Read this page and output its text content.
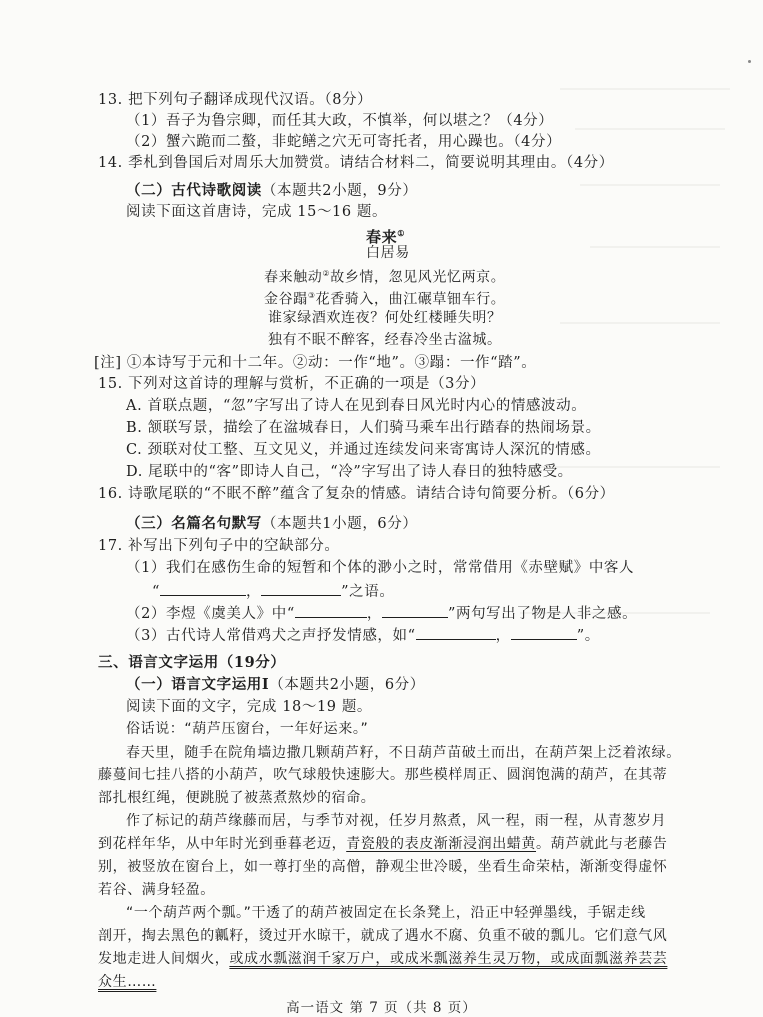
13. 把下列句子翻译成现代汉语。（8分）
（1）吾子为鲁宗卿，而任其大政，不慎举，何以堪之？（4分）
（2）蟹六跪而二螯，非蛇鳝之穴无可寄托者，用心躁也。（4分）
14. 季札到鲁国后对周乐大加赞赏。请结合材料二，简要说明其理由。（4分）
（二）古代诗歌阅读（本题共2小题，9分）
阅读下面这首唐诗，完成 15～16 题。
春来①
白居易
春来触动②故乡情，忽见风光忆两京。
金谷蹋③花香骑入，曲江碾草钿车行。
谁家绿酒欢连夜？何处红楼睡失明？
独有不眠不醉客，经春冷坐古湓城。
[注] ①本诗写于元和十二年。②动：一作“地”。③蹋：一作“踏”。
15. 下列对这首诗的理解与赏析，不正确的一项是（3分）
A. 首联点题，“忽”字写出了诗人在见到春日风光时内心的情感波动。
B. 颔联写景，描绘了在湓城春日，人们骑马乘车出行踏春的热闹场景。
C. 颈联对仗工整、互文见义，并通过连续发问来寄寓诗人深沉的情感。
D. 尾联中的“客”即诗人自己，“冷”字写出了诗人春日的独特感受。
16. 诗歌尾联的“不眠不醉”蕴含了复杂的情感。请结合诗句简要分析。（6分）
（三）名篇名句默写（本题共1小题，6分）
17. 补写出下列句子中的空缺部分。
（1）我们在感伤生命的短暂和个体的渺小之时，常常借用《赤壁赋》中客人
“	，	”之语。
（2）李煜《虞美人》中“	，	”两句写出了物是人非之感。
（3）古代诗人常借鸡犬之声抒发情感，如“	，	”。
三、语言文字运用（19分）
（一）语言文字运用Ⅰ（本题共2小题，6分）
阅读下面的文字，完成 18～19 题。
俗话说：“葫芦压窗台，一年好运来。”
春天里，随手在院角墙边撒几颗葫芦籽，不日葫芦苗破土而出，在葫芦架上泛着浓绿。
藤蔓间七挂八搭的小葫芦，吹气球般快速膨大。那些模样周正、圆润饱满的葫芦，在其蒂
部扎根红绳，便跳脱了被蒸煮熬炒的宿命。
作了标记的葫芦缘藤而居，与季节对视，任岁月熬煮，风一程，雨一程，从青葱岁月
到花样年华，从中年时光到垂暮老迈，青瓷般的表皮渐渐浸润出蜡黄。葫芦就此与老藤告
别，被竖放在窗台上，如一尊打坐的高僧，静观尘世冷暖，坐看生命荣枯，渐渐变得虚怀
若谷、满身轻盈。
“一个葫芦两个瓢。”干透了的葫芦被固定在长条凳上，沿正中轻弹墨线，手锯走线
剖开，掏去黑色的瓤籽，烫过开水晾干，就成了遇水不腐、负重不破的瓢儿。它们意气风
发地走进人间烟火，或成水瓢滋润千家万户，或成米瓢滋养生灵万物，或成面瓢滋养芸芸
众生……
高一语文 第 7 页（共 8 页）
